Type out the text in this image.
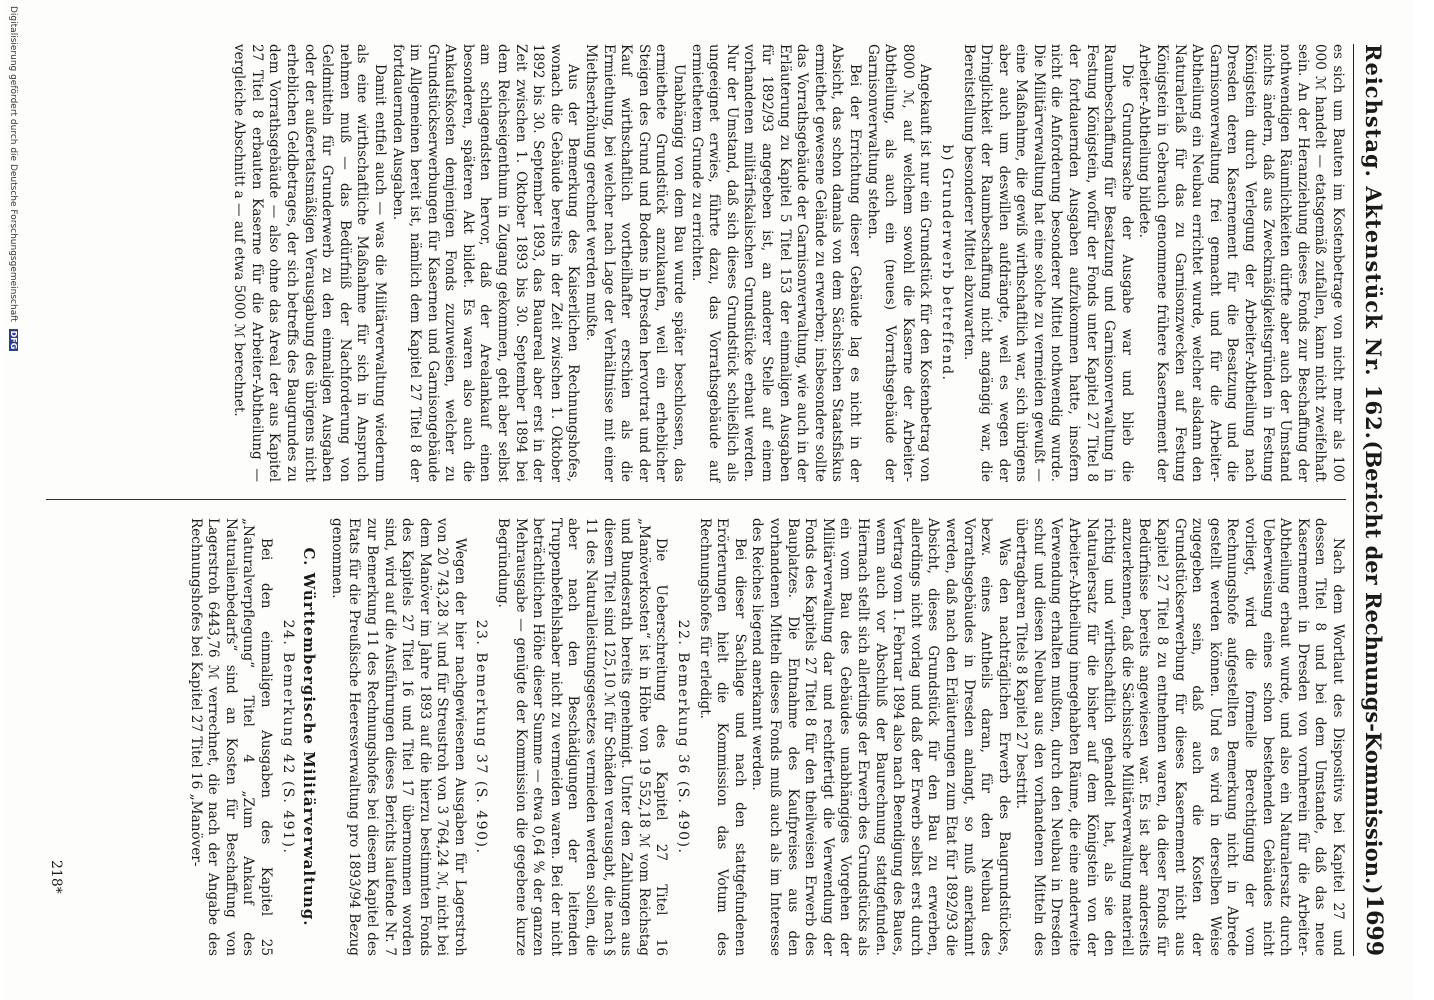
Reichstag. Aktenstück Nr. 162.
(Bericht der Rechnungs-Kommission.)
1699

es sich um Bauten im Kostenbetrage von nicht mehr als 100 000 ℳ handelt — etatsgemäß zufallen, kann nicht zweifelhaft sein. An der Heranziehung dieses Fonds zur Beschaffung der nothwendigen Räumlichkeiten dürfte aber auch der Umstand nichts ändern, daß aus Zweckmäßigkeitsgründen in Festung Königstein durch Verlegung der Arbeiter-Abtheilung nach Dresden deren Kasernement für die Besatzung und die Garnisonverwaltung frei gemacht und für die Arbeiter-Abtheilung ein Neubau errichtet wurde, welcher alsdann den Naturalerlaß für das zu Garnisonzwecken auf Festung Königstein in Gebrauch genommene frühere Kasernement der Arbeiter-Abtheilung bildete.

Die Grundursache der Ausgabe war und blieb die Raumbeschaffung für Besatzung und Garnisonverwaltung in Festung Königstein, wofür der Fonds unter Kapitel 27 Titel 8 der fortdauernden Ausgaben aufzukommen hatte, insofern nicht die Anforderung besonderer Mittel nothwendig wurde. Die Militärverwaltung hat eine solche zu vermeiden gewußt — eine Maßnahme, die gewiß wirthschaftlich war, sich übrigens aber auch um deswillen aufdrängte, weil es wegen der Dringlichkeit der Raumbeschaffung nicht angängig war, die Bereitstellung besonderer Mittel abzuwarten.

b) Grunderwerb betreffend.

Angekauft ist nur ein Grundstück für den Kostenbetrag von 8000 ℳ, auf welchem sowohl die Kaserne der Arbeiter-Abtheilung, als auch ein (neues) Vorrathsgebäude der Garnisonverwaltung stehen.

Bei der Errichtung dieser Gebäude lag es nicht in der Absicht, das schon damals von dem Sächsischen Staatsfiskus ermiethet gewesene Gelände zu erwerben; insbesondere sollte das Vorrathsgebäude der Garnisonverwaltung, wie auch in der Erläuterung zu Kapitel 5 Titel 153 der einmaligen Ausgaben für 1892/93 angegeben ist, an anderer Stelle auf einem vorhandenen militärfiskalischen Grundstücke erbaut werden. Nur der Umstand, daß sich dieses Grundstück schließlich als ungeeignet erwies, führte dazu, das Vorrathsgebäude auf ermiethetem Grunde zu errichten.

Unabhängig von dem Bau wurde später beschlossen, das ermiethete Grundstück anzukaufen, weil ein erheblicher Steigen des Grund und Bodens in Dresden hervortrat und der Kauf wirthschaftlich vortheilhafter erschien als die Ermiethung, bei welcher nach Lage der Verhältnisse mit einer Miethserhöhung gerechnet werden mußte.

Aus der Bemerkung des Kaiserlichen Rechnungshofes, wonach die Gebäude bereits in der Zeit zwischen 1. Oktober 1892 bis 30. September 1893, das Bauareal aber erst in der Zeit zwischen 1. Oktober 1893 bis 30. September 1894 bei dem Reichseigenthum in Zugang gekommen, geht aber selbst am schlagendsten hervor, daß der Arealankauf einen besonderen, späteren Akt bildet. Es waren also auch die Ankaufskosten demjenigen Fonds zuzuweisen, welcher zu Grundstückserwerbungen für Kasernen und Garnisongebäude im Allgemeinen bereit ist, nämlich dem Kapitel 27 Titel 8 der fortdauernden Ausgaben.

Damit entfiel auch — was die Militärverwaltung wiederum als eine wirthschaftliche Maßnahme für sich in Anspruch nehmen muß — das Bedürfniß der Nachforderung von Geldmitteln für Grunderwerb zu den einmaligen Ausgaben oder der außeretatsmäßigen Verausgabung des übrigens nicht erheblichen Geldbetrages, der sich betreffs des Baugrundes zu dem Vorrathsgebäude — also ohne das Areal der aus Kapitel 27 Titel 8 erbauten Kaserne für die Arbeiter-Abtheilung — vergleiche Abschnitt a — auf etwa 5000 ℳ berechnet.

Nach dem Wortlaut des Dispositivs bei Kapitel 27 und dessen Titel 8 und bei dem Umstande, daß das neue Kasernement in Dresden von vornherein für die Arbeiter-Abtheilung erbaut wurde, und also ein Naturalersatz durch Ueberweisung eines schon bestehenden Gebäudes nicht vorliegt, wird die formelle Berechtigung der vom Rechnungshofe aufgestellten Bemerkung nicht in Abrede gestellt werden können. Und es wird in derselben Weise zugegeben sein, daß auch die Kosten der Grundstückserwerbung für dieses Kasernement nicht aus Kapitel 27 Titel 8 zu entnehmen waren, da dieser Fonds für Bedürfnisse bereits angewiesen war. Es ist aber anderseits anzuerkennen, daß die Sächsische Militärverwaltung materiell richtig und wirthschaftlich gehandelt hat, als sie den Naturalersatz für die bisher auf dem Königstein von der Arbeiter-Abtheilung innegehabten Räume, die eine anderweite Verwendung erhalten mußten, durch den Neubau in Dresden schuf und diesen Neubau aus den vorhandenen Mitteln des übertragbaren Titels 8 Kapitel 27 bestritt.

Was den nachträglichen Erwerb des Baugrundstückes, bezw. eines Antheils daran, für den Neubau des Vorrathsgebäudes in Dresden anlangt, so muß anerkannt werden, daß nach den Erläuterungen zum Etat für 1892/93 die Absicht, dieses Grundstück für den Bau zu erwerben, allerdings nicht vorlag und daß der Erwerb selbst erst durch Vertrag vom 1. Februar 1894 also nach Beendigung des Baues, wenn auch vor Abschluß der Baurechnung stattgefunden. Hiernach stellt sich allerdings der Erwerb des Grundstücks als ein vom Bau des Gebäudes unabhängiges Vorgehen der Militärverwaltung dar und rechtfertigt die Verwendung der Fonds des Kapitels 27 Titel 8 für den theilweisen Erwerb des Bauplatzes. Die Entnahme des Kaufpreises aus den vorhandenen Mitteln dieses Fonds muß auch als im Interesse des Reiches liegend anerkannt werden.

Bei dieser Sachlage und nach den stattgefundenen Erörterungen hielt die Kommission das Votum des Rechnungshofes für erledigt.

22. Bemerkung 36 (S. 490).

Die Ueberschreitung des Kapitel 27 Titel 16 „Manöverkosten“ ist in Höhe von 19 552,18 ℳ vom Reichstag und Bundesrath bereits genehmigt. Unter den Zahlungen aus diesem Titel sind 125,10 ℳ für Schäden verausgabt, die nach § 11 des Naturalleistungsgesetzes vermieden werden sollen, die aber nach den Beschädigungen der leitenden Truppenbefehlshaber nicht zu vermeiden waren. Bei der nicht beträchtlichen Höhe dieser Summe — etwa 0,64 % der ganzen Mehrausgabe — genügte der Kommission die gegebene kurze Begründung.

23. Bemerkung 37 (S. 490).

Wegen der hier nachgewiesenen Ausgaben für Lagerstroh von 20 743,28 ℳ und für Streustroh von 3 764,24 ℳ, nicht bei dem Manöver im Jahre 1893 auf die hierzu bestimmten Fonds des Kapitels 27 Titel 16 und Titel 17 übernommen worden sind, wird auf die Ausführungen dieses Berichts laufende Nr. 7 zur Bemerkung 11 des Rechnungshofes bei diesem Kapitel des Etats für die Preußische Heeresverwaltung pro 1893/94 Bezug genommen.

C. Württembergische Militärverwaltung.
24. Bemerkung 42 (S. 491).

Bei den einmaligen Ausgaben des Kapitel 25 „Naturalverpflegung“ Titel 4 „Zum Ankauf des Naturalienbedarfs“ sind an Kosten für Beschaffung von Lagerstroh 6443,76 ℳ verrechnet, die nach der Angabe des Rechnungshofes bei Kapitel 27 Titel 16 „Manöver-

218*
Digitalisierung gefördert durch die Deutsche Forschungsgemeinschaft DFG
